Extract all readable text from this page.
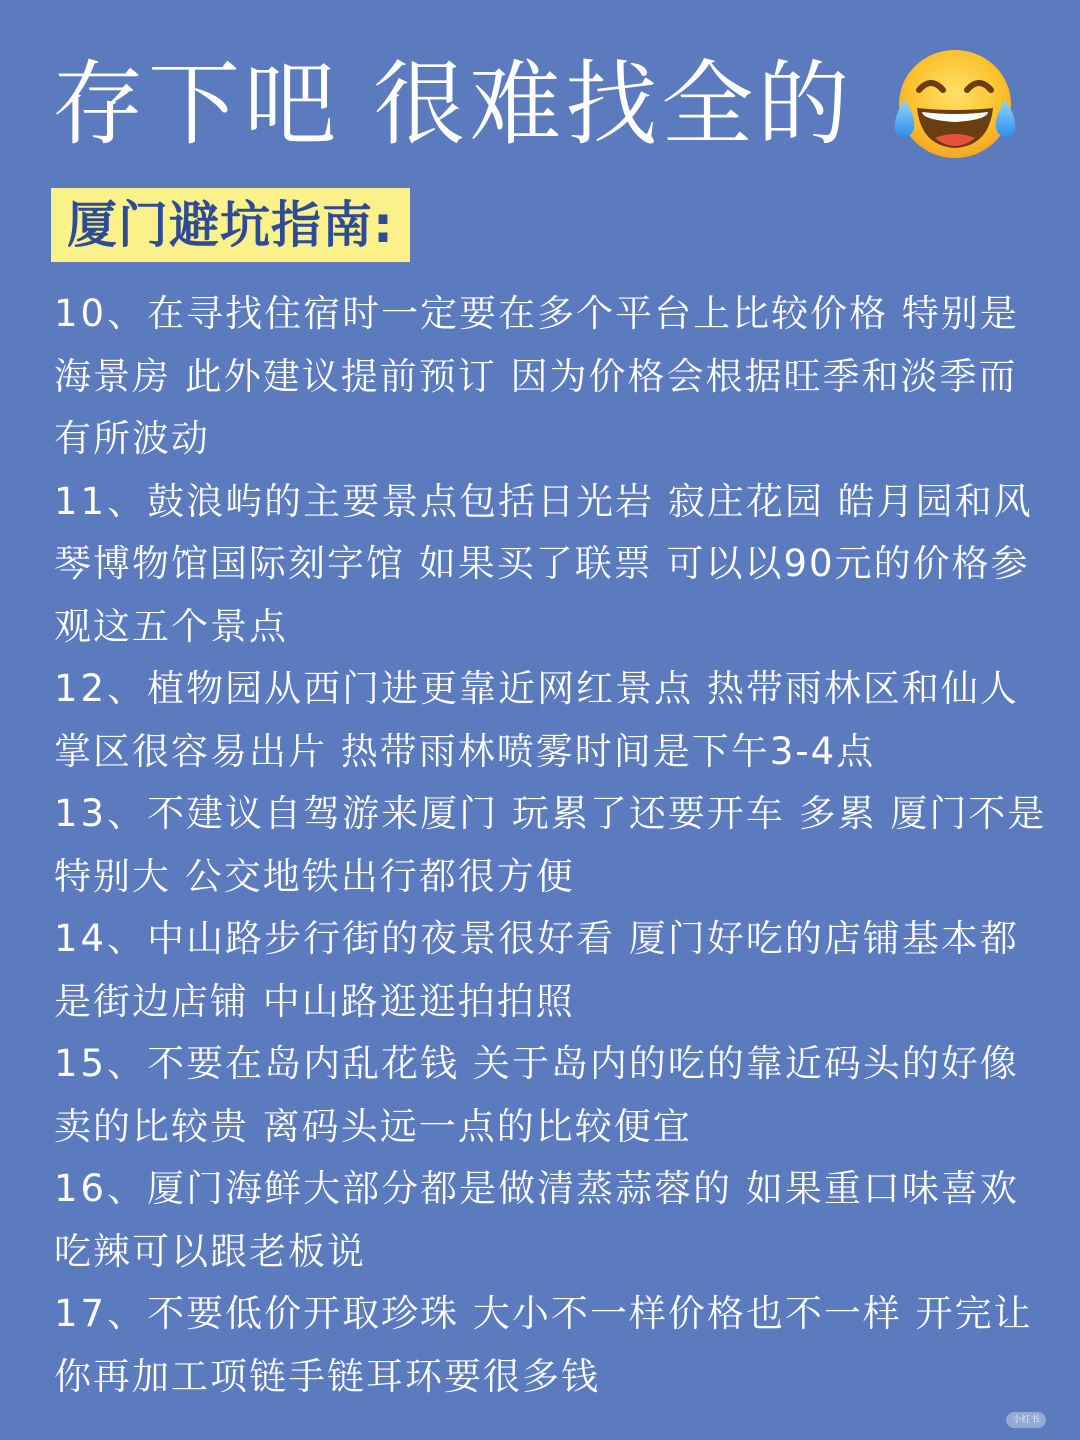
存下吧 很难找全的
厦门避坑指南:
10、在寻找住宿时一定要在多个平台上比较价格 特别是海景房 此外建议提前预订 因为价格会根据旺季和淡季而有所波动
11、鼓浪屿的主要景点包括日光岩 寂庄花园 皓月园和风琴博物馆国际刻字馆 如果买了联票 可以以90元的价格参观这五个景点
12、植物园从西门进更靠近网红景点 热带雨林区和仙人掌区很容易出片 热带雨林喷雾时间是下午3-4点
13、不建议自驾游来厦门 玩累了还要开车 多累 厦门不是特别大 公交地铁出行都很方便
14、中山路步行街的夜景很好看 厦门好吃的店铺基本都是街边店铺 中山路逛逛拍拍照
15、不要在岛内乱花钱 关于岛内的吃的靠近码头的好像卖的比较贵 离码头远一点的比较便宜
16、厦门海鲜大部分都是做清蒸蒜蓉的 如果重口味喜欢吃辣可以跟老板说
17、不要低价开取珍珠 大小不一样价格也不一样 开完让你再加工项链手链耳环要很多钱
小红书
